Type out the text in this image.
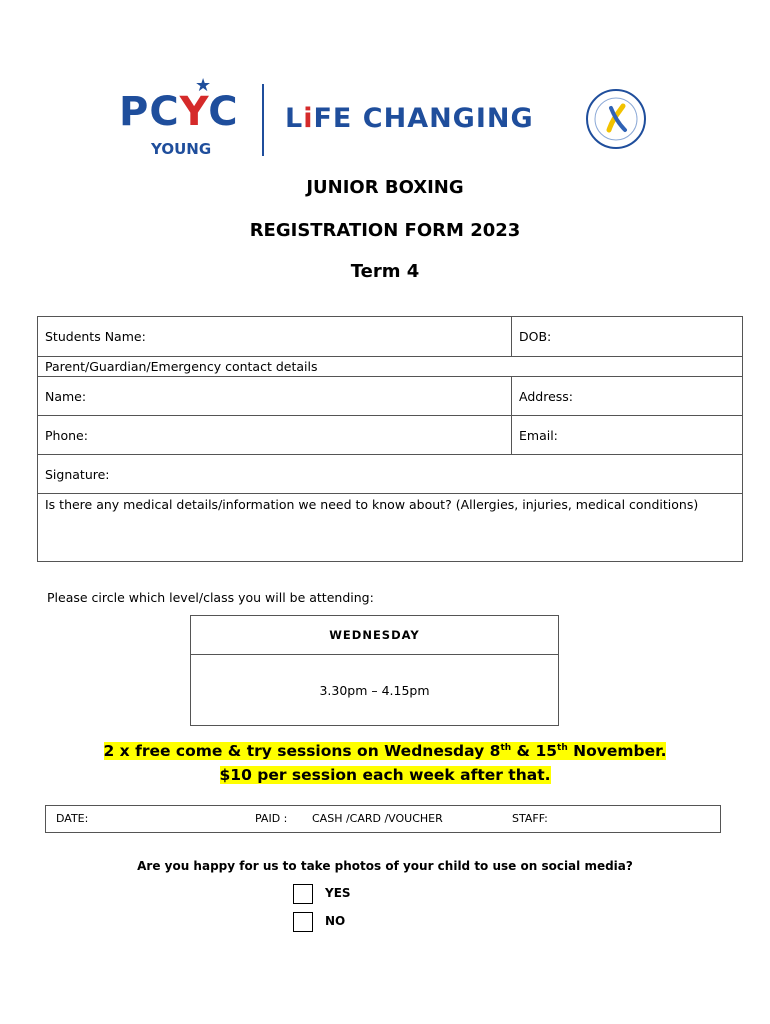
★
PCYC
YOUNG
LiFE CHANGING
JUNIOR BOXING
REGISTRATION FORM 2023
Term 4
Students Name:	DOB:
Parent/Guardian/Emergency contact details	
Name:	Address:
Phone:	Email:
Signature:	
Is there any medical details/information we need to know about? (Allergies, injuries, medical conditions)	
Please circle which level/class you will be attending:
WEDNESDAY
3.30pm – 4.15pm
2 x free come & try sessions on Wednesday 8th & 15th November.
$10 per session each week after that.
DATE:	PAID : CASH /CARD /VOUCHER	STAFF:
Are you happy for us to take photos of your child to use on social media?
YES
NO
